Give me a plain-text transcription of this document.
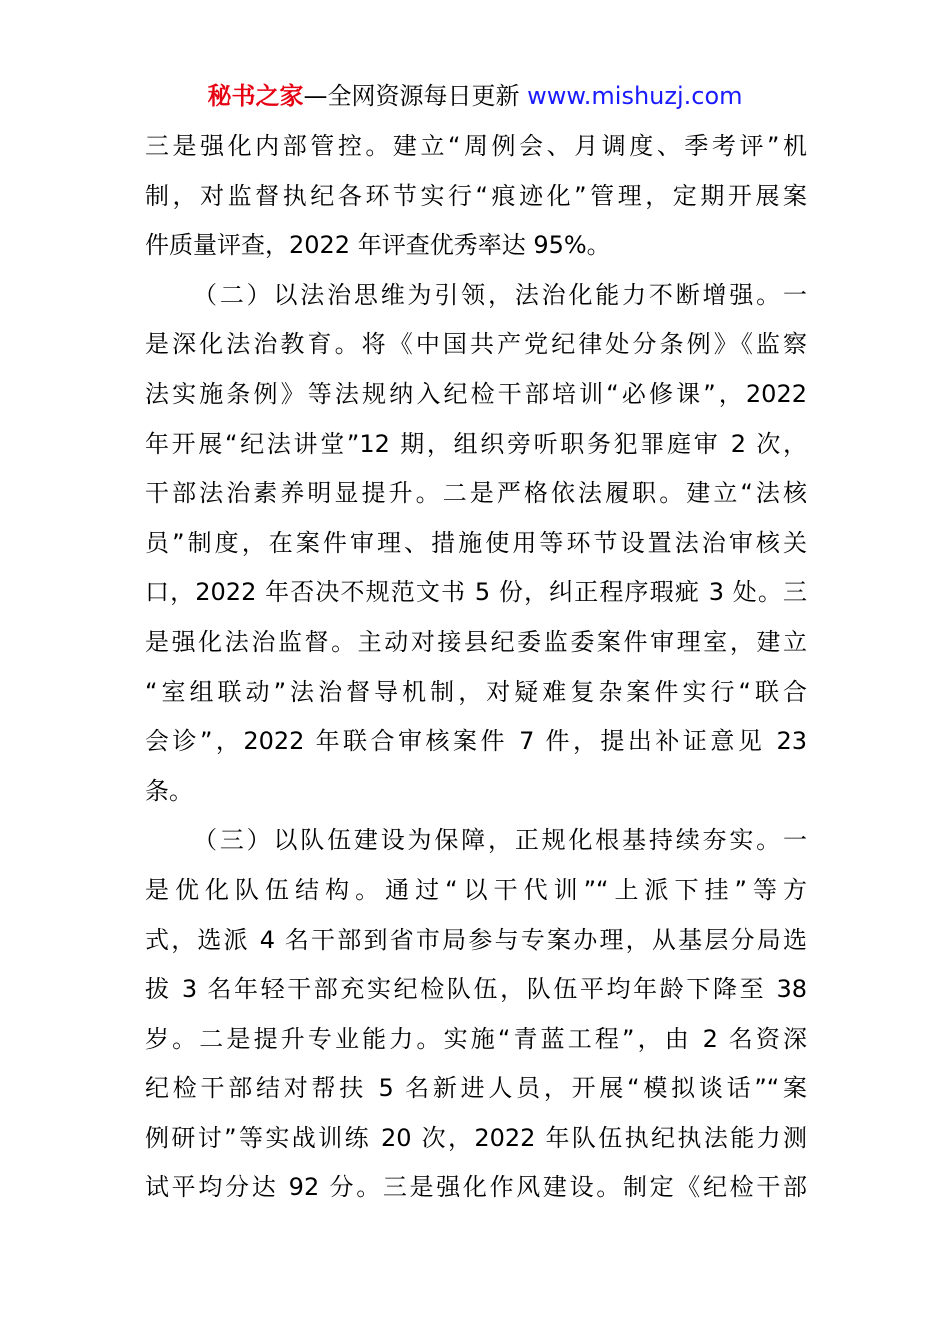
秘书之家—全网资源每日更新 www.mishuzj.com
三是强化内部管控。建立“周例会、月调度、季考评”机
制，对监督执纪各环节实行“痕迹化”管理，定期开展案
件质量评查，2022 年评查优秀率达 95%。
（二）以法治思维为引领，法治化能力不断增强。一
是深化法治教育。将《中国共产党纪律处分条例》《监察
法实施条例》等法规纳入纪检干部培训“必修课”，2022
年开展“纪法讲堂”12 期，组织旁听职务犯罪庭审 2 次，
干部法治素养明显提升。二是严格依法履职。建立“法核
员”制度，在案件审理、措施使用等环节设置法治审核关
口，2022 年否决不规范文书 5 份，纠正程序瑕疵 3 处。三
是强化法治监督。主动对接县纪委监委案件审理室，建立
“室组联动”法治督导机制，对疑难复杂案件实行“联合
会诊”，2022 年联合审核案件 7 件，提出补证意见 23
条。
（三）以队伍建设为保障，正规化根基持续夯实。一
是优化队伍结构。通过“以干代训”“上派下挂”等方
式，选派 4 名干部到省市局参与专案办理，从基层分局选
拔 3 名年轻干部充实纪检队伍，队伍平均年龄下降至 38
岁。二是提升专业能力。实施“青蓝工程”，由 2 名资深
纪检干部结对帮扶 5 名新进人员，开展“模拟谈话”“案
例研讨”等实战训练 20 次，2022 年队伍执纪执法能力测
试平均分达 92 分。三是强化作风建设。制定《纪检干部
